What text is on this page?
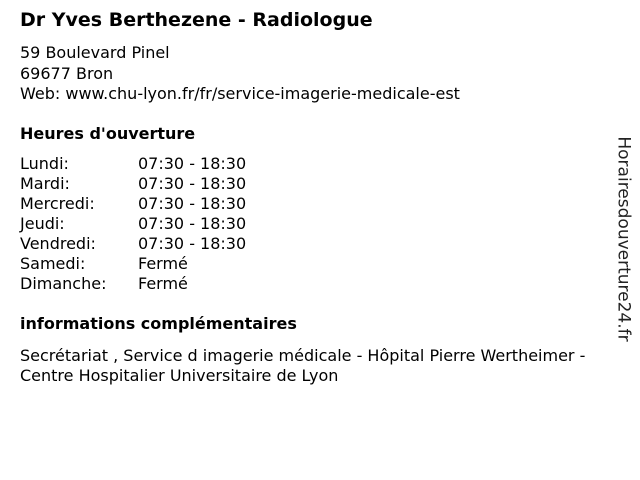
Dr Yves Berthezene - Radiologue
59 Boulevard Pinel
69677 Bron
Web: www.chu-lyon.fr/fr/service-imagerie-medicale-est
Heures d'ouverture
Lundi:	07:30 - 18:30
Mardi:	07:30 - 18:30
Mercredi:	07:30 - 18:30
Jeudi:	07:30 - 18:30
Vendredi:	07:30 - 18:30
Samedi:	Fermé
Dimanche: Fermé
informations complémentaires
Secrétariat , Service d imagerie médicale - Hôpital Pierre Wertheimer - Centre Hospitalier Universitaire de Lyon
Horairesdouverture24.fr
